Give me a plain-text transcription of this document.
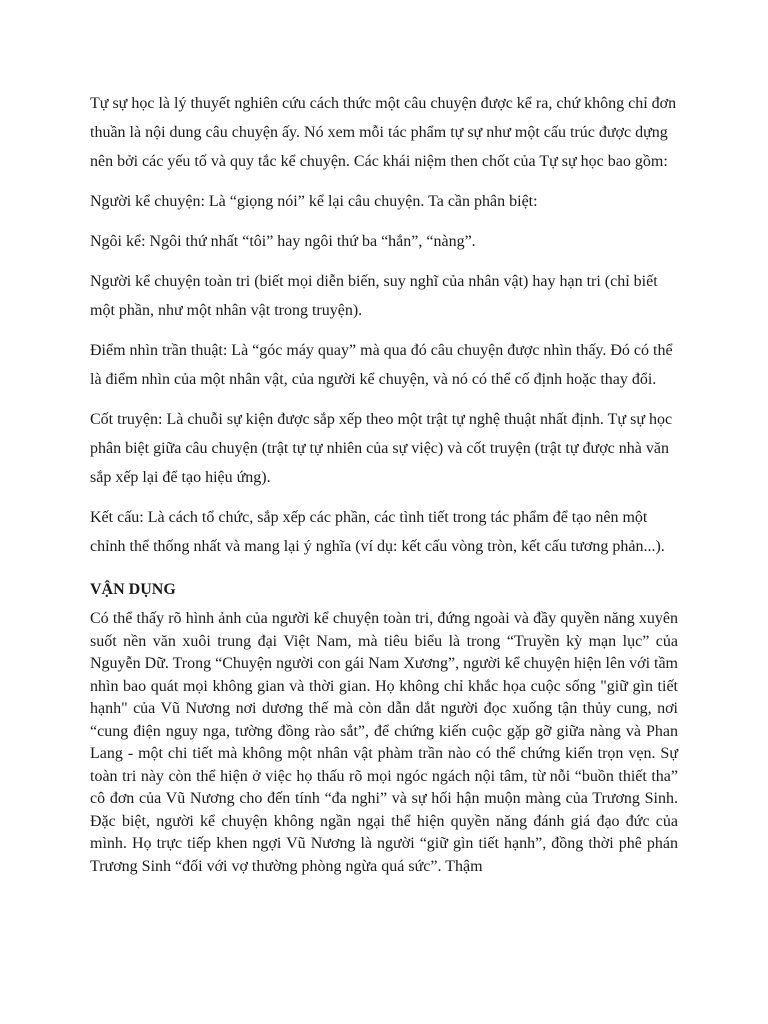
Tự sự học là lý thuyết nghiên cứu cách thức một câu chuyện được kể ra, chứ không chỉ đơn thuần là nội dung câu chuyện ấy. Nó xem mỗi tác phẩm tự sự như một cấu trúc được dựng nên bởi các yếu tố và quy tắc kể chuyện. Các khái niệm then chốt của Tự sự học bao gồm:

Người kể chuyện: Là “giọng nói” kể lại câu chuyện. Ta cần phân biệt:

Ngôi kể: Ngôi thứ nhất “tôi” hay ngôi thứ ba “hắn”, “nàng”.

Người kể chuyện toàn tri (biết mọi diễn biến, suy nghĩ của nhân vật) hay hạn tri (chỉ biết một phần, như một nhân vật trong truyện).

Điểm nhìn trần thuật: Là “góc máy quay” mà qua đó câu chuyện được nhìn thấy. Đó có thể là điểm nhìn của một nhân vật, của người kể chuyện, và nó có thể cố định hoặc thay đổi.

Cốt truyện: Là chuỗi sự kiện được sắp xếp theo một trật tự nghệ thuật nhất định. Tự sự học phân biệt giữa câu chuyện (trật tự tự nhiên của sự việc) và cốt truyện (trật tự được nhà văn sắp xếp lại để tạo hiệu ứng).

Kết cấu: Là cách tổ chức, sắp xếp các phần, các tình tiết trong tác phẩm để tạo nên một chỉnh thể thống nhất và mang lại ý nghĩa (ví dụ: kết cấu vòng tròn, kết cấu tương phản...).

VẬN DỤNG

Có thể thấy rõ hình ảnh của người kể chuyện toàn tri, đứng ngoài và đầy quyền năng xuyên suốt nền văn xuôi trung đại Việt Nam, mà tiêu biểu là trong “Truyền kỳ mạn lục” của Nguyễn Dữ. Trong “Chuyện người con gái Nam Xương”, người kể chuyện hiện lên với tầm nhìn bao quát mọi không gian và thời gian. Họ không chỉ khắc họa cuộc sống "giữ gìn tiết hạnh" của Vũ Nương nơi dương thế mà còn dẫn dắt người đọc xuống tận thủy cung, nơi “cung điện nguy nga, tường đồng rào sắt”, để chứng kiến cuộc gặp gỡ giữa nàng và Phan Lang - một chi tiết mà không một nhân vật phàm trần nào có thể chứng kiến trọn vẹn. Sự toàn tri này còn thể hiện ở việc họ thấu rõ mọi ngóc ngách nội tâm, từ nỗi “buồn thiết tha” cô đơn của Vũ Nương cho đến tính “đa nghi” và sự hối hận muộn màng của Trương Sinh. Đặc biệt, người kể chuyện không ngần ngại thể hiện quyền năng đánh giá đạo đức của mình. Họ trực tiếp khen ngợi Vũ Nương là người “giữ gìn tiết hạnh”, đồng thời phê phán Trương Sinh “đối với vợ thường phòng ngừa quá sức”. Thậm
